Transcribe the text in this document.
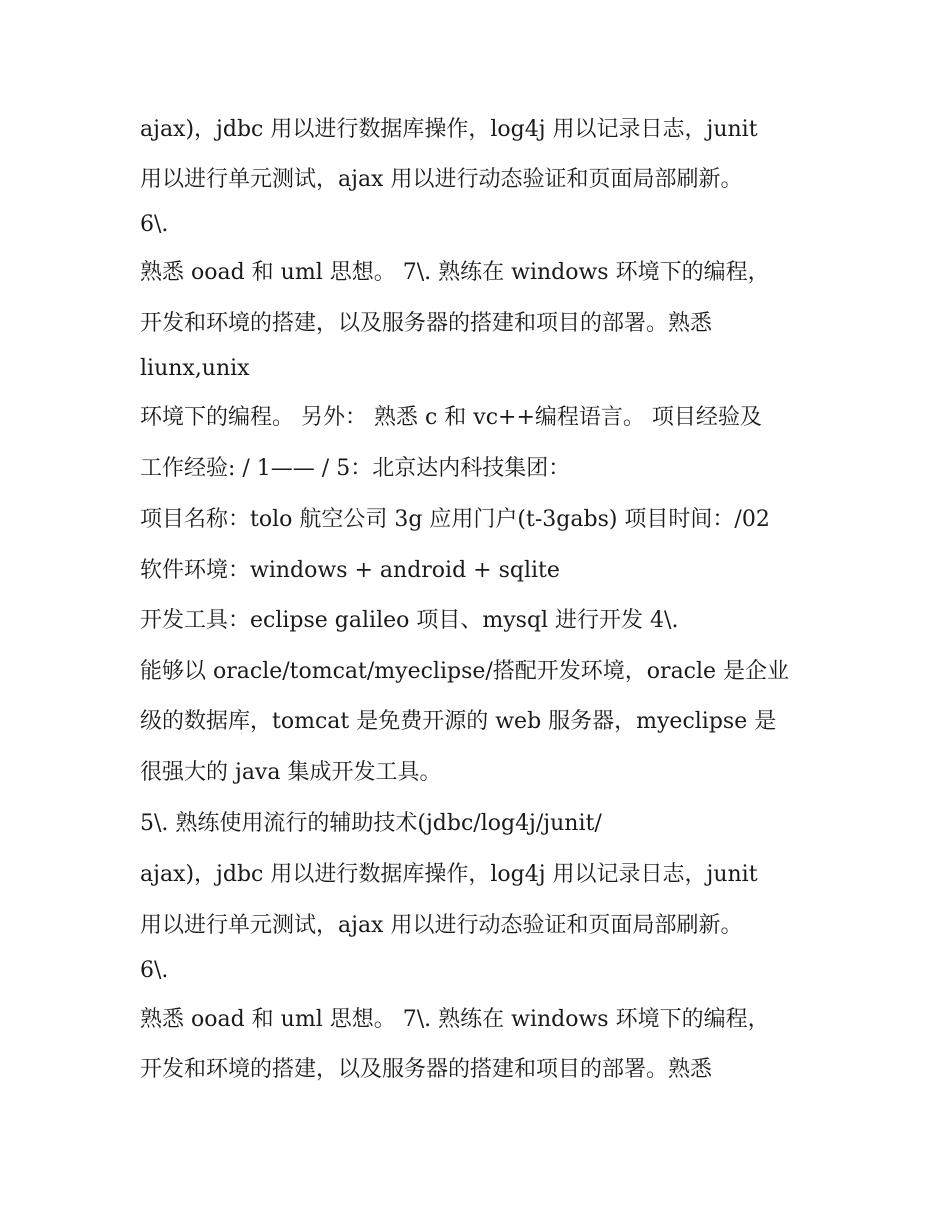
ajax)，jdbc 用以进行数据库操作，log4j 用以记录日志，junit
用以进行单元测试，ajax 用以进行动态验证和页面局部刷新。
6\.
熟悉 ooad 和 uml 思想。 7\. 熟练在 windows 环境下的编程，
开发和环境的搭建，以及服务器的搭建和项目的部署。熟悉
liunx,unix
环境下的编程。 另外： 熟悉 c 和 vc++编程语言。 项目经验及
工作经验: / 1—— / 5：北京达内科技集团：
项目名称：tolo 航空公司 3g 应用门户(t-3gabs) 项目时间：/02
软件环境：windows + android + sqlite
开发工具：eclipse galileo 项目、mysql 进行开发 4\.
能够以 oracle/tomcat/myeclipse/搭配开发环境，oracle 是企业
级的数据库，tomcat 是免费开源的 web 服务器，myeclipse 是
很强大的 java 集成开发工具。
5\. 熟练使用流行的辅助技术(jdbc/log4j/junit/
ajax)，jdbc 用以进行数据库操作，log4j 用以记录日志，junit
用以进行单元测试，ajax 用以进行动态验证和页面局部刷新。
6\.
熟悉 ooad 和 uml 思想。 7\. 熟练在 windows 环境下的编程，
开发和环境的搭建，以及服务器的搭建和项目的部署。熟悉
